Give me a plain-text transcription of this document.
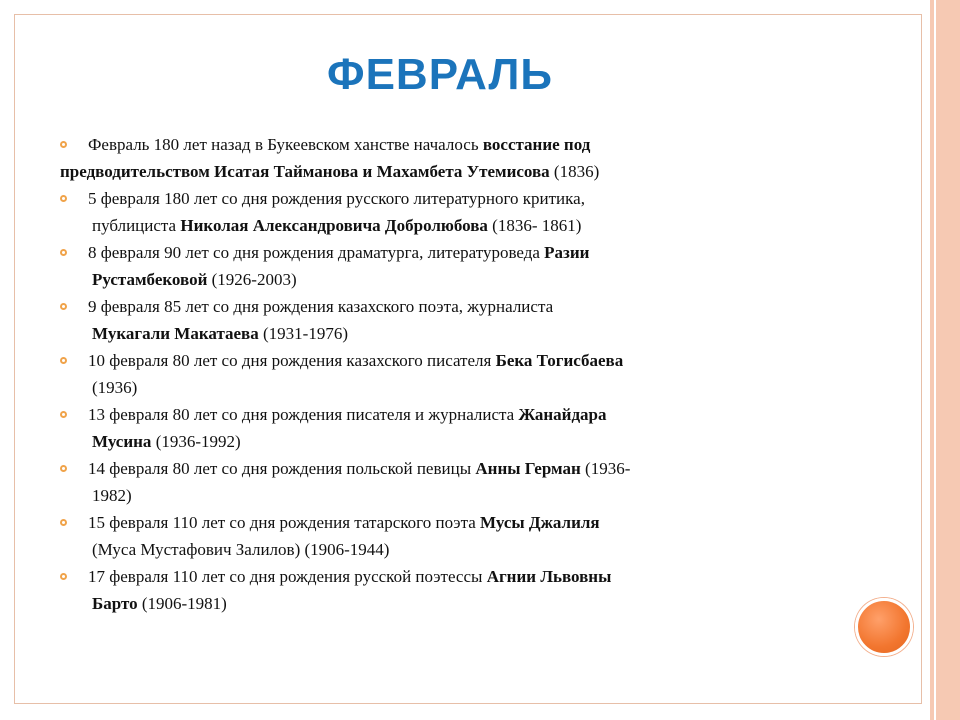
ФЕВРАЛЬ
Февраль 180 лет назад в Букеевском ханстве началось восстание под
предводительством Исатая Тайманова и Махамбета Утемисова (1836)
5 февраля 180 лет со дня рождения русского литературного критика,
публициста Николая Александровича Добролюбова (1836- 1861)
8 февраля 90 лет со дня рождения драматурга, литературоведа Разии
Рустамбековой (1926-2003)
9 февраля 85 лет со дня рождения казахского поэта, журналиста
Мукагали Макатаева (1931-1976)
10 февраля 80 лет со дня рождения казахского писателя Бека Тогисбаева
(1936)
13 февраля 80 лет со дня рождения писателя и журналиста Жанайдара
Мусина (1936-1992)
14 февраля 80 лет со дня рождения польской певицы Анны Герман (1936-
1982)
15 февраля 110 лет со дня рождения татарского поэта Мусы Джалиля
(Муса Мустафович Залилов) (1906-1944)
17 февраля 110 лет со дня рождения русской поэтессы Агнии Львовны
Барто (1906-1981)
